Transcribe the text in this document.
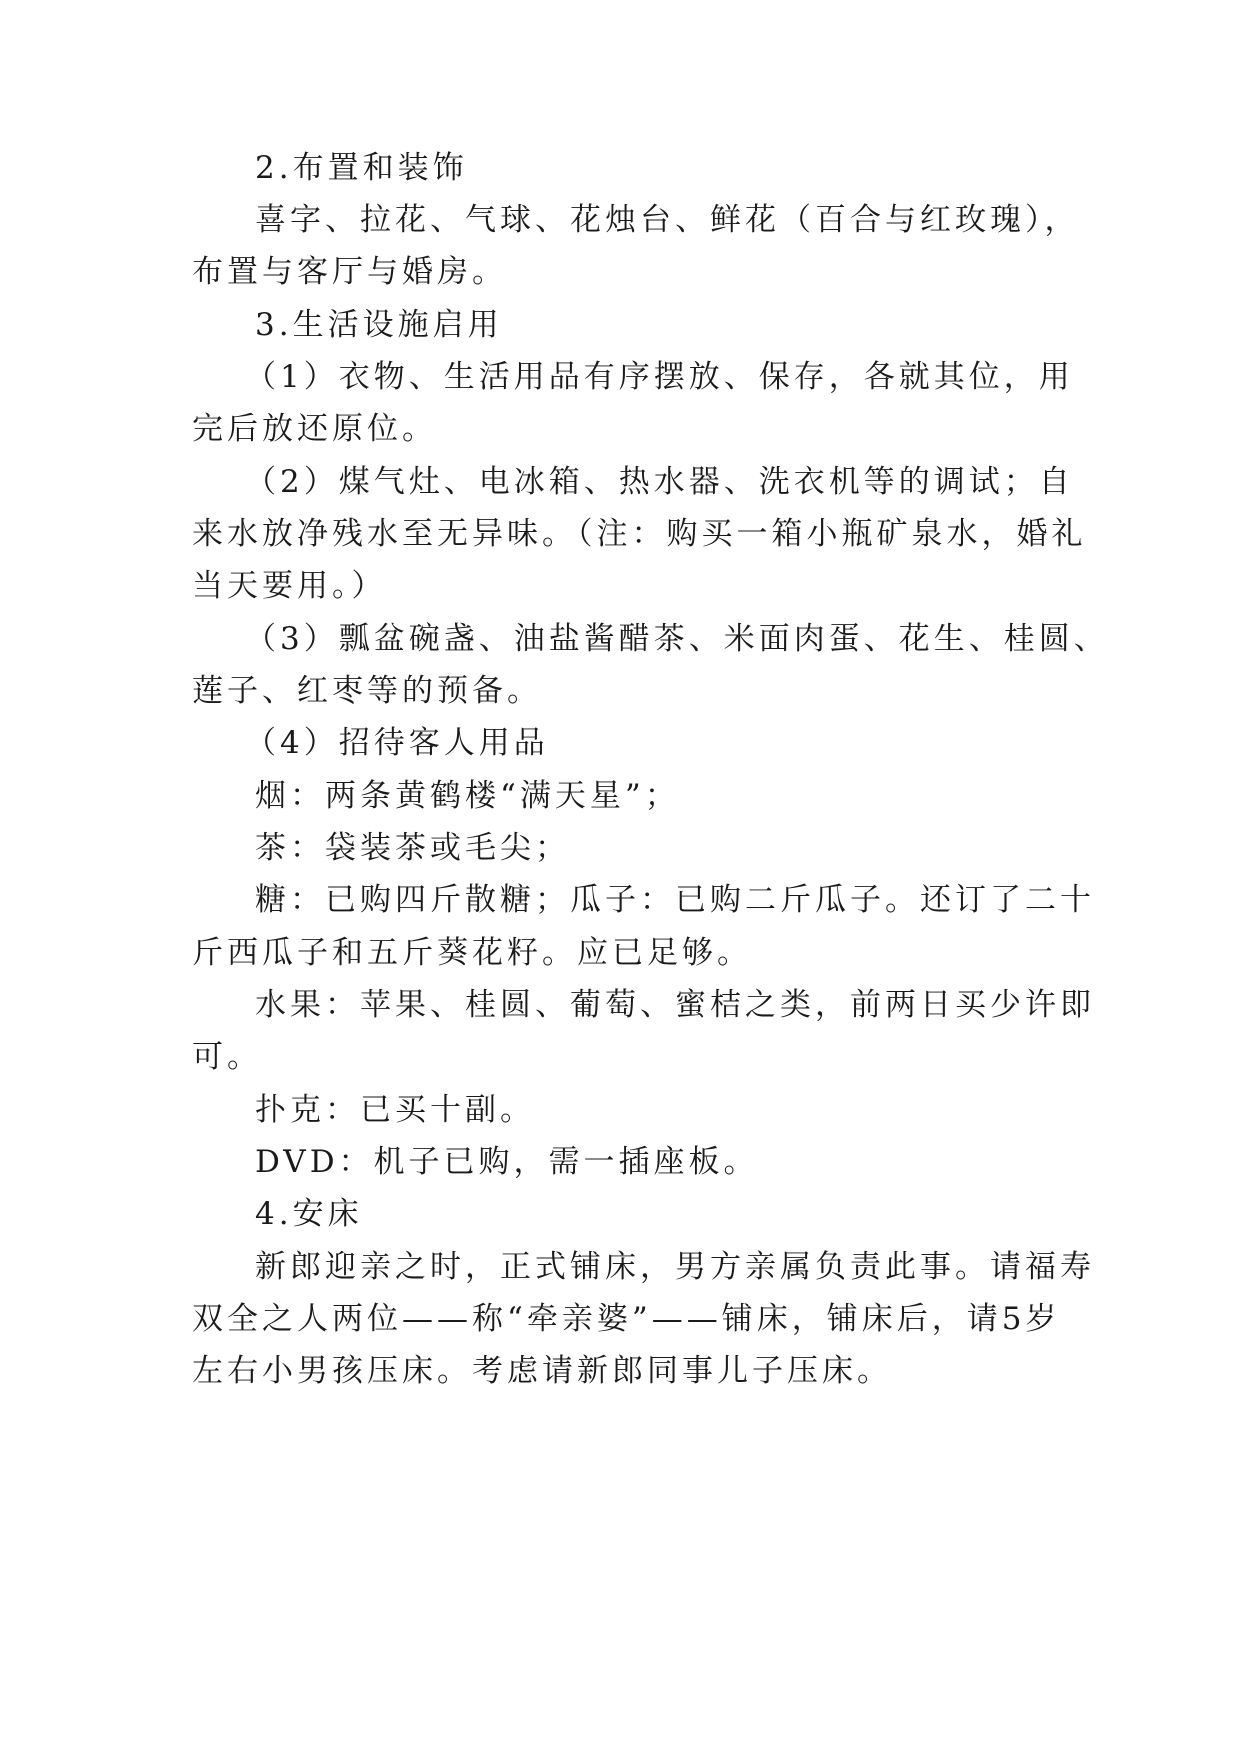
2.布置和装饰
喜字、拉花、气球、花烛台、鲜花（百合与红玫瑰），
布置与客厅与婚房。
3.生活设施启用
（1）衣物、生活用品有序摆放、保存，各就其位，用
完后放还原位。
（2）煤气灶、电冰箱、热水器、洗衣机等的调试；自
来水放净残水至无异味。（注：购买一箱小瓶矿泉水，婚礼
当天要用。）
（3）瓢盆碗盏、油盐酱醋茶、米面肉蛋、花生、桂圆、
莲子、红枣等的预备。
（4）招待客人用品
烟：两条黄鹤楼“满天星”；
茶：袋装茶或毛尖；
糖：已购四斤散糖；瓜子：已购二斤瓜子。还订了二十
斤西瓜子和五斤葵花籽。应已足够。
水果：苹果、桂圆、葡萄、蜜桔之类，前两日买少许即
可。
扑克：已买十副。
DVD：机子已购，需一插座板。
4.安床
新郎迎亲之时，正式铺床，男方亲属负责此事。请福寿
双全之人两位——称“牵亲婆”——铺床，铺床后，请5岁
左右小男孩压床。考虑请新郎同事儿子压床。
